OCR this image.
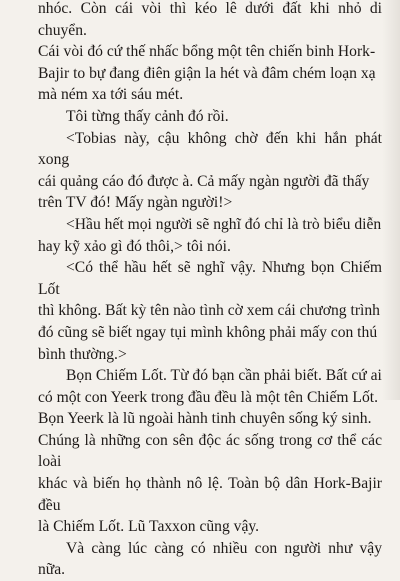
nhóc. Còn cái vòi thì kéo lê dưới đất khi nhỏ di chuyển.
Cái vòi đó cứ thế nhấc bổng một tên chiến binh Hork-
Bajir to bự đang điên giận la hét và đâm chém loạn xạ
mà ném xa tới sáu mét.

Tôi từng thấy cảnh đó rồi.

<Tobias này, cậu không chờ đến khi hắn phát xong
cái quảng cáo đó được à. Cả mấy ngàn người đã thấy
trên TV đó! Mấy ngàn người!>

<Hầu hết mọi người sẽ nghĩ đó chỉ là trò biểu diễn
hay kỹ xảo gì đó thôi,> tôi nói.

<Có thể hầu hết sẽ nghĩ vậy. Nhưng bọn Chiếm Lốt
thì không. Bất kỳ tên nào tình cờ xem cái chương trình
đó cũng sẽ biết ngay tụi mình không phải mấy con thú
bình thường.>

Bọn Chiếm Lốt. Từ đó bạn cần phải biết. Bất cứ ai
có một con Yeerk trong đầu đều là một tên Chiếm Lốt.
Bọn Yeerk là lũ ngoài hành tinh chuyên sống ký sinh.
Chúng là những con sên độc ác sống trong cơ thể các loài
khác và biến họ thành nô lệ. Toàn bộ dân Hork-Bajir đều
là Chiếm Lốt. Lũ Taxxon cũng vậy.

Và càng lúc càng có nhiều con người như vậy nữa.
